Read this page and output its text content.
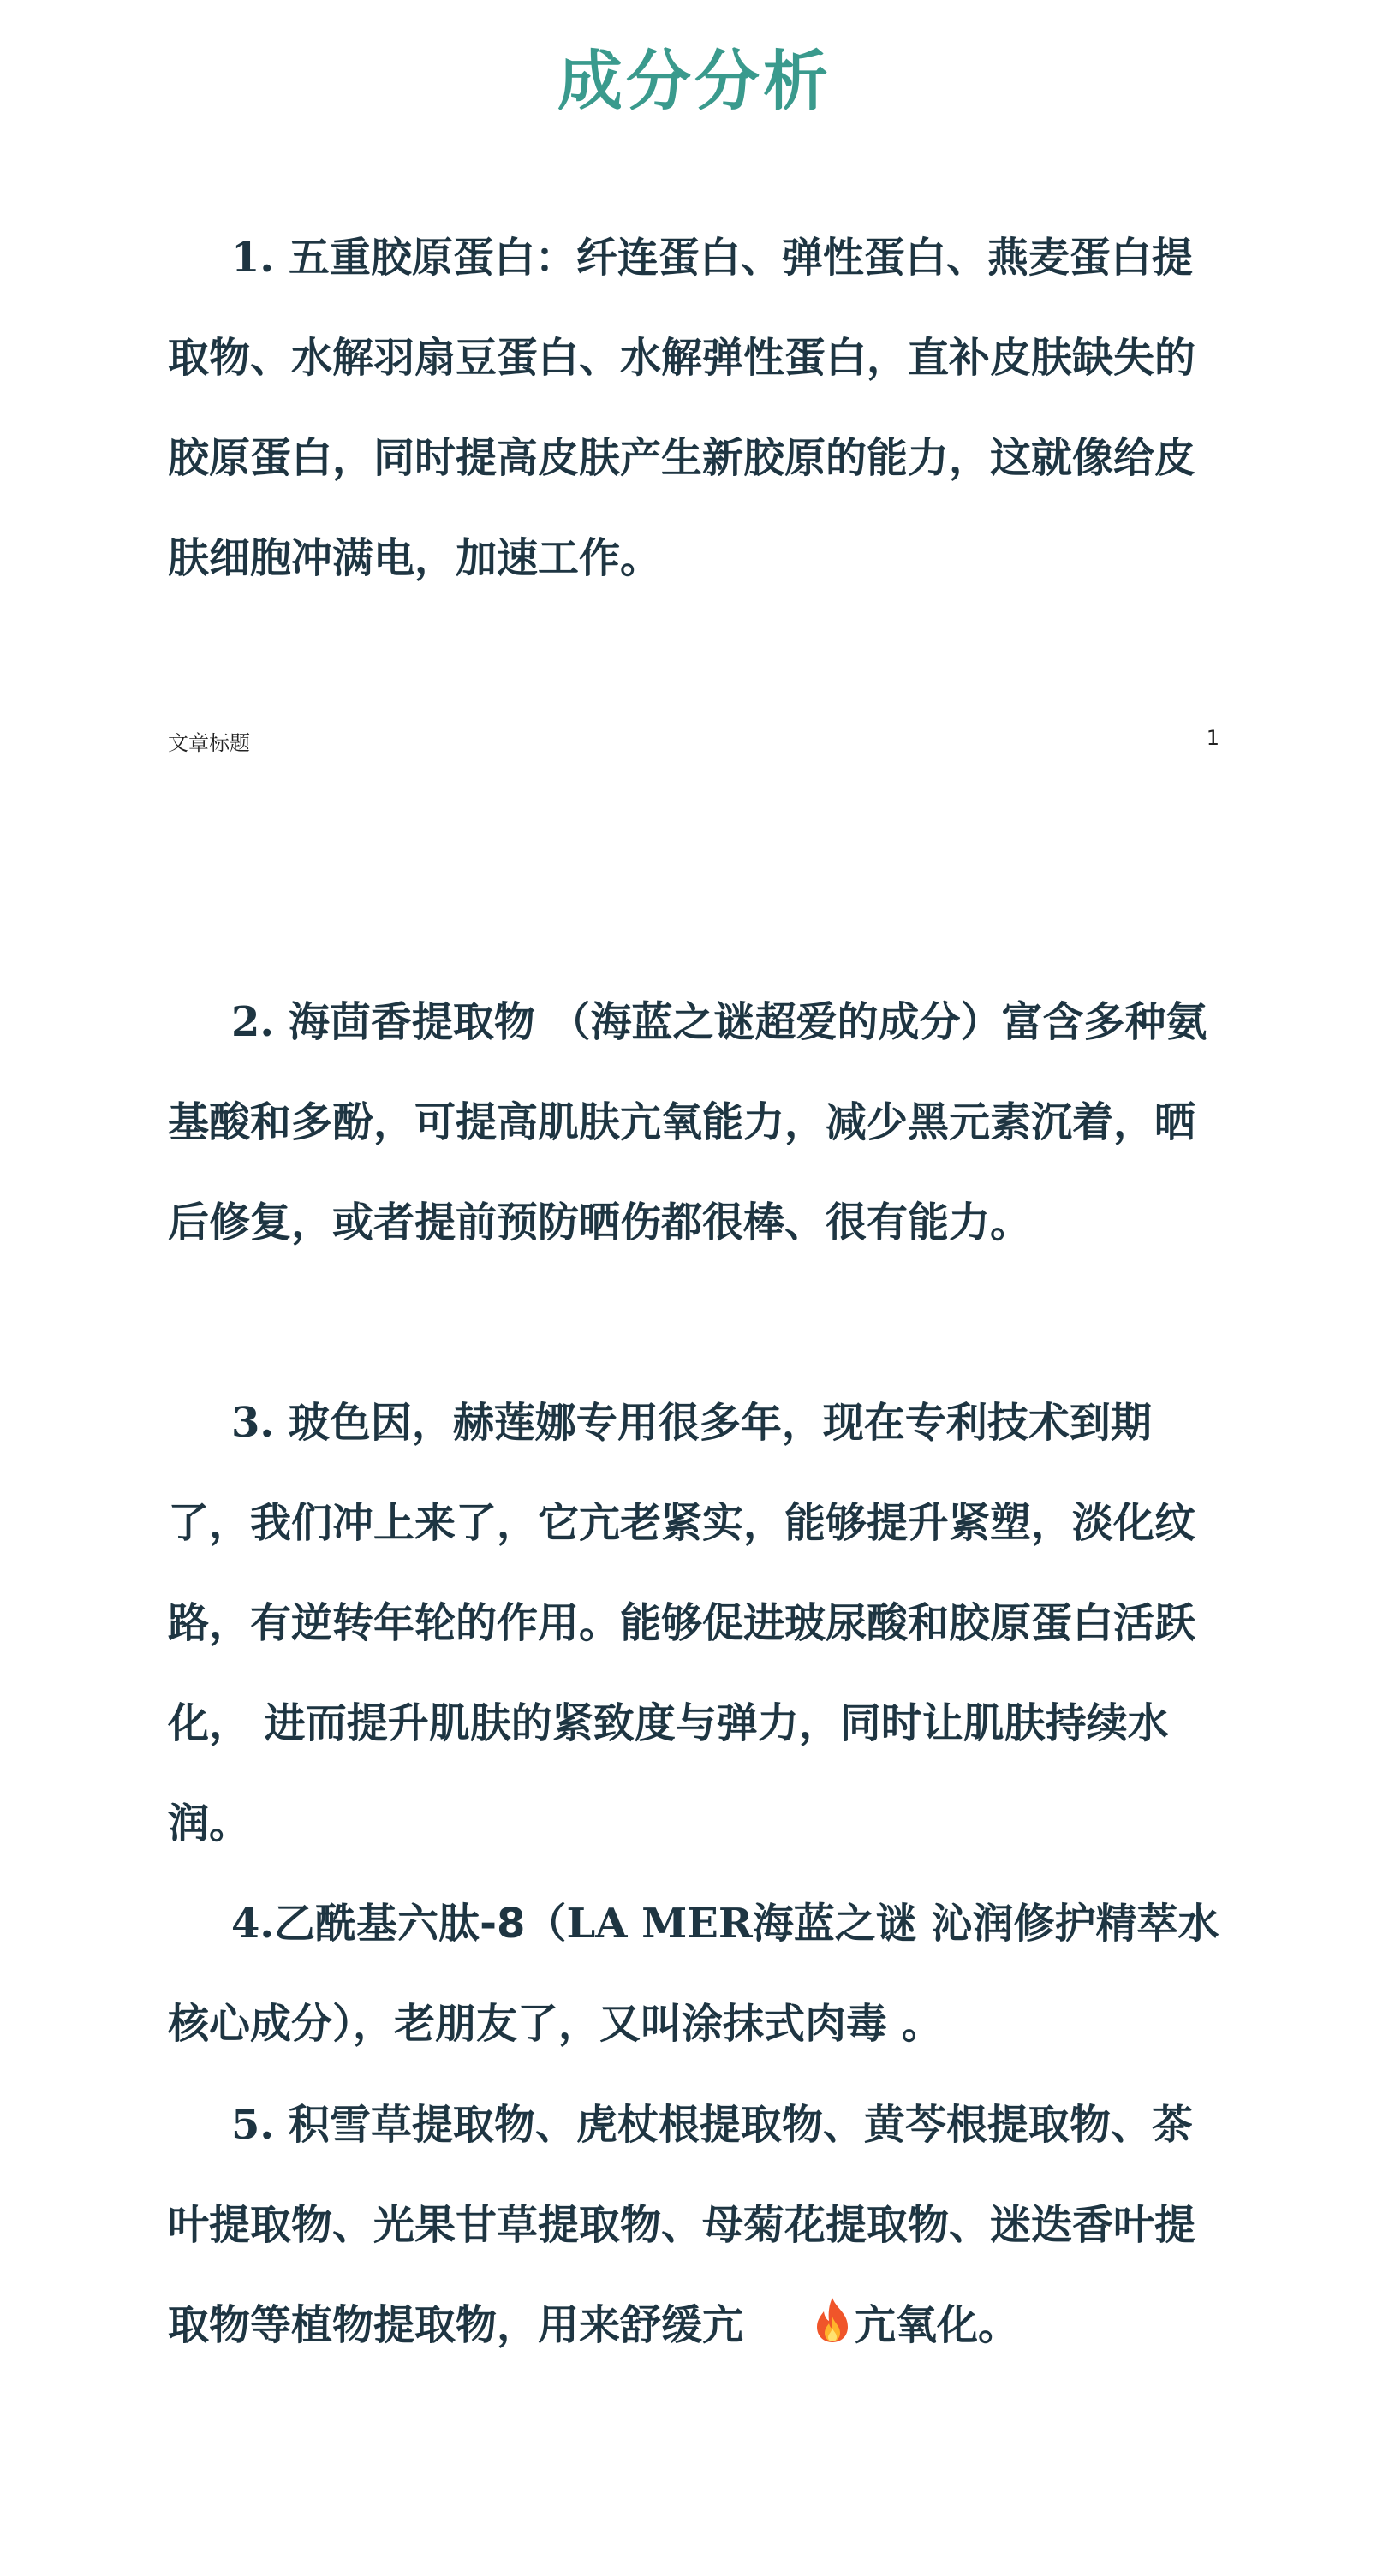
成分分析

1. 五重胶原蛋白：纤连蛋白、弹性蛋白、燕麦蛋白提取物、水解羽扇豆蛋白、水解弹性蛋白，直补皮肤缺失的胶原蛋白，同时提高皮肤产生新胶原的能力，这就像给皮肤细胞冲满电，加速工作。

文章标题	1

2. 海茴香提取物 （海蓝之谜超爱的成分）富含多种氨基酸和多酚，可提高肌肤亢氧能力，减少黑元素沉着，晒后修复，或者提前预防晒伤都很棒、很有能力。

3. 玻色因，赫莲娜专用很多年，现在专利技术到期了，我们冲上来了，它亢老紧实，能够提升紧塑，淡化纹路，有逆转年轮的作用。能够促进玻尿酸和胶原蛋白活跃化， 进而提升肌肤的紧致度与弹力，同时让肌肤持续水润。

4.乙酰基六肽-8（LA MER海蓝之谜 沁润修护精萃水 核心成分），老朋友了，又叫涂抹式肉毒 。

5. 积雪草提取物、虎杖根提取物、黄芩根提取物、茶叶提取物、光果甘草提取物、母菊花提取物、迷迭香叶提取物等植物提取物，用来舒缓亢	亢氧化。
